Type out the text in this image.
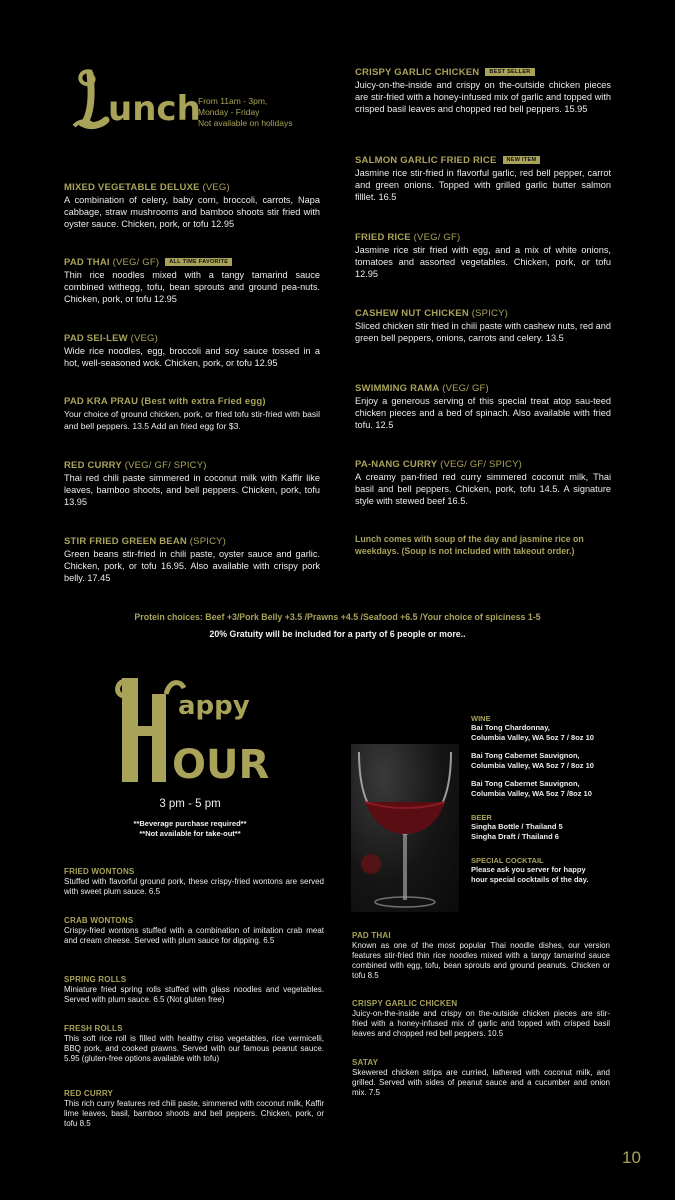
unch
From 11am - 3pm,
Monday - Friday
Not available on holidays
MIXED VEGETABLE DELUXE (VEG)
A combination of celery, baby corn, broccoli, carrots, Napa cabbage, straw mushrooms and bamboo shoots stir fried with oyster sauce. Chicken, pork, or tofu 12.95
PAD THAI (VEG/ GF) ALL TIME FAVORITE
Thin rice noodles mixed with a tangy tamarind sauce combined withegg, tofu, bean sprouts and ground pea-nuts. Chicken, pork, or tofu 12.95
PAD SEI-LEW (VEG)
Wide rice noodles, egg, broccoli and soy sauce tossed in a hot, well-seasoned wok. Chicken, pork, or tofu 12.95
PAD KRA PRAU (Best with extra Fried egg)
Your choice of ground chicken, pork, or fried tofu stir-fried with basil and bell peppers. 13.5 Add an fried egg for $3.
RED CURRY (VEG/ GF/ SPICY)
Thai red chili paste simmered in coconut milk with Kaffir like leaves, bamboo shoots, and bell peppers. Chicken, pork, tofu 13.95
STIR FRIED GREEN BEAN (SPICY)
Green beans stir-fried in chili paste, oyster sauce and garlic. Chicken, pork, or tofu 16.95. Also available with crispy pork belly. 17.45
CRISPY GARLIC CHICKEN BEST SELLER
Juicy-on-the-inside and crispy on the-outside chicken pieces are stir-fried with a honey-infused mix of garlic and topped with crisped basil leaves and chopped red bell peppers. 15.95
SALMON GARLIC FRIED RICE NEW ITEM
Jasmine rice stir-fried in flavorful garlic, red bell pepper, carrot and green onions. Topped with grilled garlic butter salmon filllet. 16.5
FRIED RICE (VEG/ GF)
Jasmine rice stir fried with egg, and a mix of white onions, tomatoes and assorted vegetables. Chicken, pork, or tofu 12.95
CASHEW NUT CHICKEN (SPICY)
Sliced chicken stir fried in chili paste with cashew nuts, red and green bell peppers, onions, carrots and celery. 13.5
SWIMMING RAMA (VEG/ GF)
Enjoy a generous serving of this special treat atop sau-teed chicken pieces and a bed of spinach. Also available with fried tofu. 12.5
PA-NANG CURRY (VEG/ GF/ SPICY)
A creamy pan-fried red curry simmered coconut milk, Thai basil and bell peppers. Chicken, pork, tofu 14.5. A signature style with stewed beef 16.5.
Lunch comes with soup of the day and jasmine rice on weekdays. (Soup is not included with takeout order.)
Protein choices: Beef +3/Pork Belly +3.5 /Prawns +4.5 /Seafood +6.5 /Your choice of spiciness 1-5
20% Gratuity will be included for a party of 6 people or more..
appy
OUR
3 pm - 5 pm
**Beverage purchase required**
**Not available for take-out**
WINE
Bai Tong Chardonnay,
Columbia Valley, WA 5oz 7 / 8oz 10
Bai Tong Cabernet Sauvignon,
Columbia Valley, WA 5oz 7 / 8oz 10
Bai Tong Cabernet Sauvignon,
Columbia Valley, WA 5oz 7 /8oz 10
BEER
Singha Bottle / Thailand 5
Singha Draft / Thailand 6
SPECIAL COCKTAIL
Please ask you server for happy
hour special cocktails of the day.
FRIED WONTONS
Stuffed with flavorful ground pork, these crispy-fried wontons are served with sweet plum sauce. 6.5
CRAB WONTONS
Crispy-fried wontons stuffed with a combination of imitation crab meat and cream cheese. Served with plum sauce for dipping. 6.5
SPRING ROLLS
Miniature fried spring rolls stuffed with glass noodles and vegetables. Served with plum sauce. 6.5 (Not gluten free)
FRESH ROLLS
This soft rice roll is filled with healthy crisp vegetables, rice vermicelli, BBQ pork, and cooked prawns. Served with our famous peanut sauce. 5.95 (gluten-free options available with tofu)
RED CURRY
This rich curry features red chili paste, simmered with coconut milk, Kaffir lime leaves, basil, bamboo shoots and bell peppers. Chicken, pork, or tofu 8.5
PAD THAI
Known as one of the most popular Thai noodle dishes, our version features stir-fried thin rice noodles mixed with a tangy tamarind sauce combined with egg, tofu, bean sprouts and ground peanuts. Chicken or tofu 8.5
CRISPY GARLIC CHICKEN
Juicy-on-the-inside and crispy on the-outside chicken pieces are stir-fried with a honey-infused mix of garlic and topped with crisped basil leaves and chopped red bell peppers. 10.5
SATAY
Skewered chicken strips are curried, lathered with coconut milk, and grilled. Served with sides of peanut sauce and a cucumber and onion mix. 7.5
10
